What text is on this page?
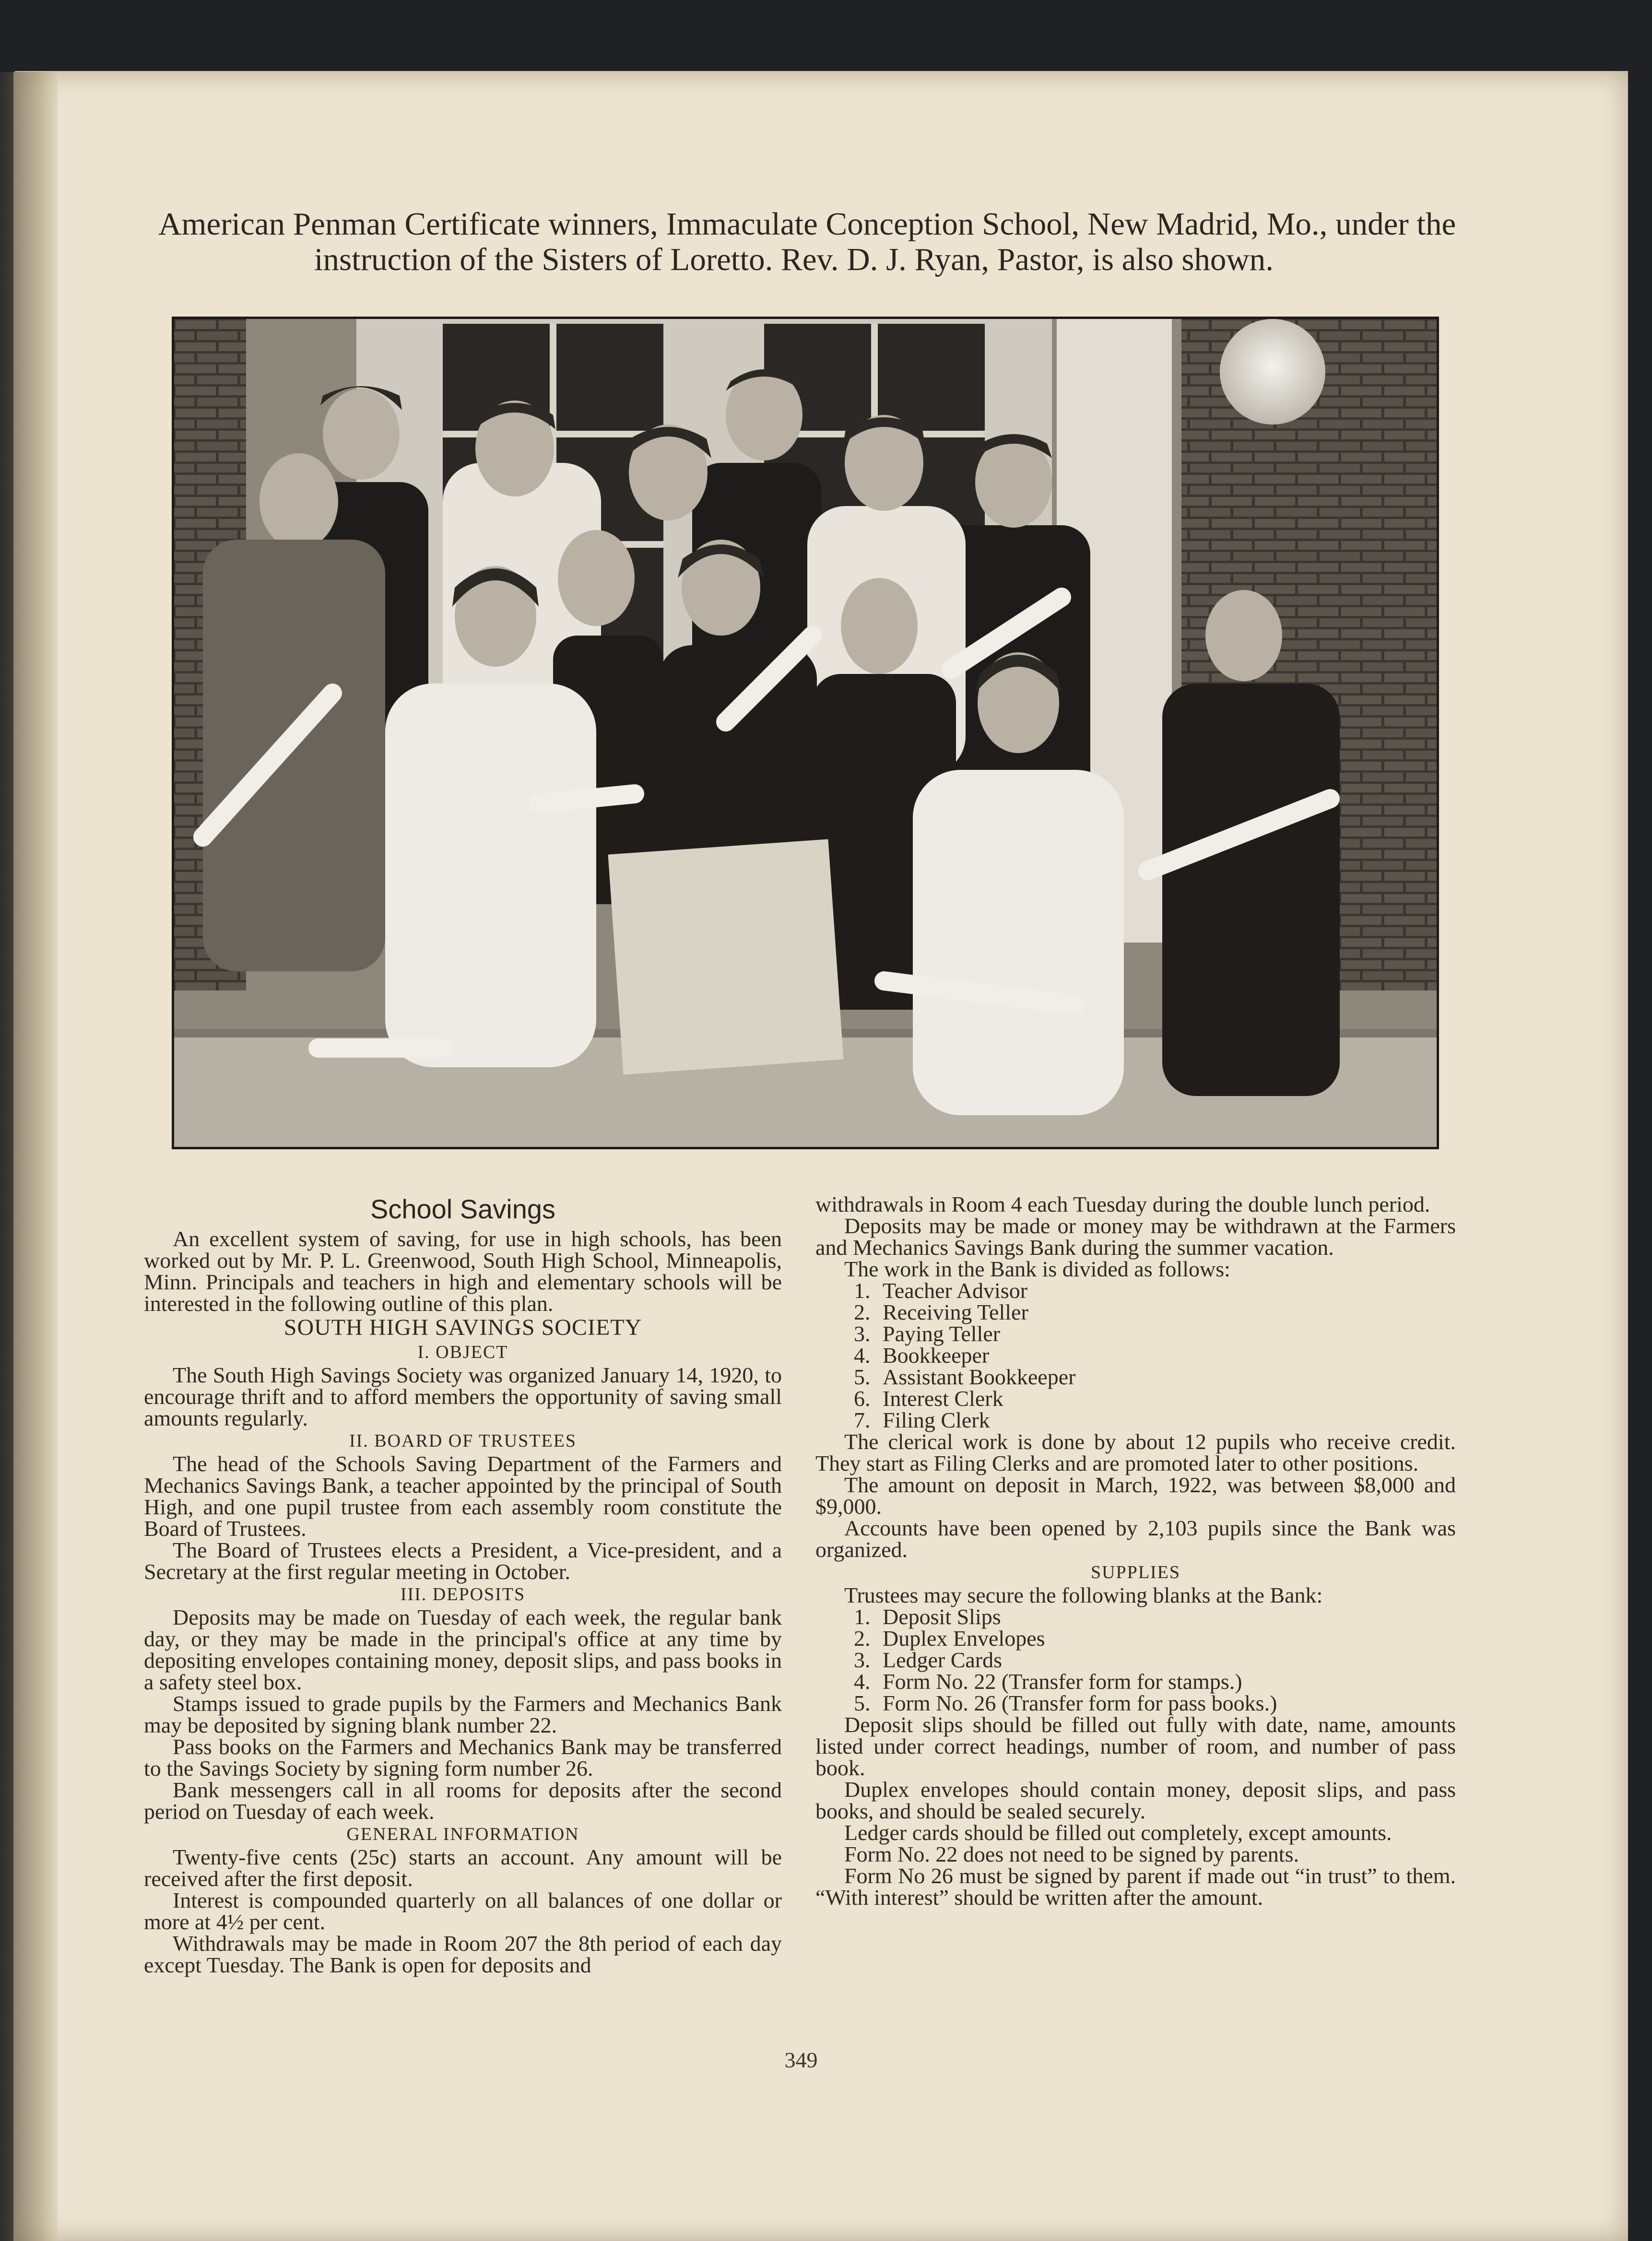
American Penman Certificate winners, Immaculate Conception School, New Madrid, Mo., under the
instruction of the Sisters of Loretto. Rev. D. J. Ryan, Pastor, is also shown.
School Savings

An excellent system of saving, for use in high schools, has been worked out by Mr. P. L. Greenwood, South High School, Minneapolis, Minn. Principals and teachers in high and elementary schools will be interested in the following outline of this plan.

SOUTH HIGH SAVINGS SOCIETY
I. OBJECT

The South High Savings Society was organized January 14, 1920, to encourage thrift and to afford members the opportunity of saving small amounts regularly.

II. BOARD OF TRUSTEES

The head of the Schools Saving Department of the Farmers and Mechanics Savings Bank, a teacher appointed by the principal of South High, and one pupil trustee from each assembly room constitute the Board of Trustees.

The Board of Trustees elects a President, a Vice-president, and a Secretary at the first regular meeting in October.

III. DEPOSITS

Deposits may be made on Tuesday of each week, the regular bank day, or they may be made in the principal's office at any time by depositing envelopes containing money, deposit slips, and pass books in a safety steel box.

Stamps issued to grade pupils by the Farmers and Mechanics Bank may be deposited by signing blank number 22.

Pass books on the Farmers and Mechanics Bank may be transferred to the Savings Society by signing form number 26.

Bank messengers call in all rooms for deposits after the second period on Tuesday of each week.

GENERAL INFORMATION

Twenty-five cents (25c) starts an account. Any amount will be received after the first deposit.

Interest is compounded quarterly on all balances of one dollar or more at 4½ per cent.

Withdrawals may be made in Room 207 the 8th period of each day except Tuesday. The Bank is open for deposits and

withdrawals in Room 4 each Tuesday during the double lunch period.

Deposits may be made or money may be withdrawn at the Farmers and Mechanics Savings Bank during the summer vacation.

The work in the Bank is divided as follows:

1. Teacher Advisor
2. Receiving Teller
3. Paying Teller
4. Bookkeeper
5. Assistant Bookkeeper
6. Interest Clerk
7. Filing Clerk

The clerical work is done by about 12 pupils who receive credit. They start as Filing Clerks and are promoted later to other positions.

The amount on deposit in March, 1922, was between $8,000 and $9,000.

Accounts have been opened by 2,103 pupils since the Bank was organized.

SUPPLIES

Trustees may secure the following blanks at the Bank:

1. Deposit Slips
2. Duplex Envelopes
3. Ledger Cards
4. Form No. 22 (Transfer form for stamps.)
5. Form No. 26 (Transfer form for pass books.)

Deposit slips should be filled out fully with date, name, amounts listed under correct headings, number of room, and number of pass book.

Duplex envelopes should contain money, deposit slips, and pass books, and should be sealed securely.

Ledger cards should be filled out completely, except amounts.

Form No. 22 does not need to be signed by parents.

Form No 26 must be signed by parent if made out “in trust” to them. “With interest” should be written after the amount.

349
